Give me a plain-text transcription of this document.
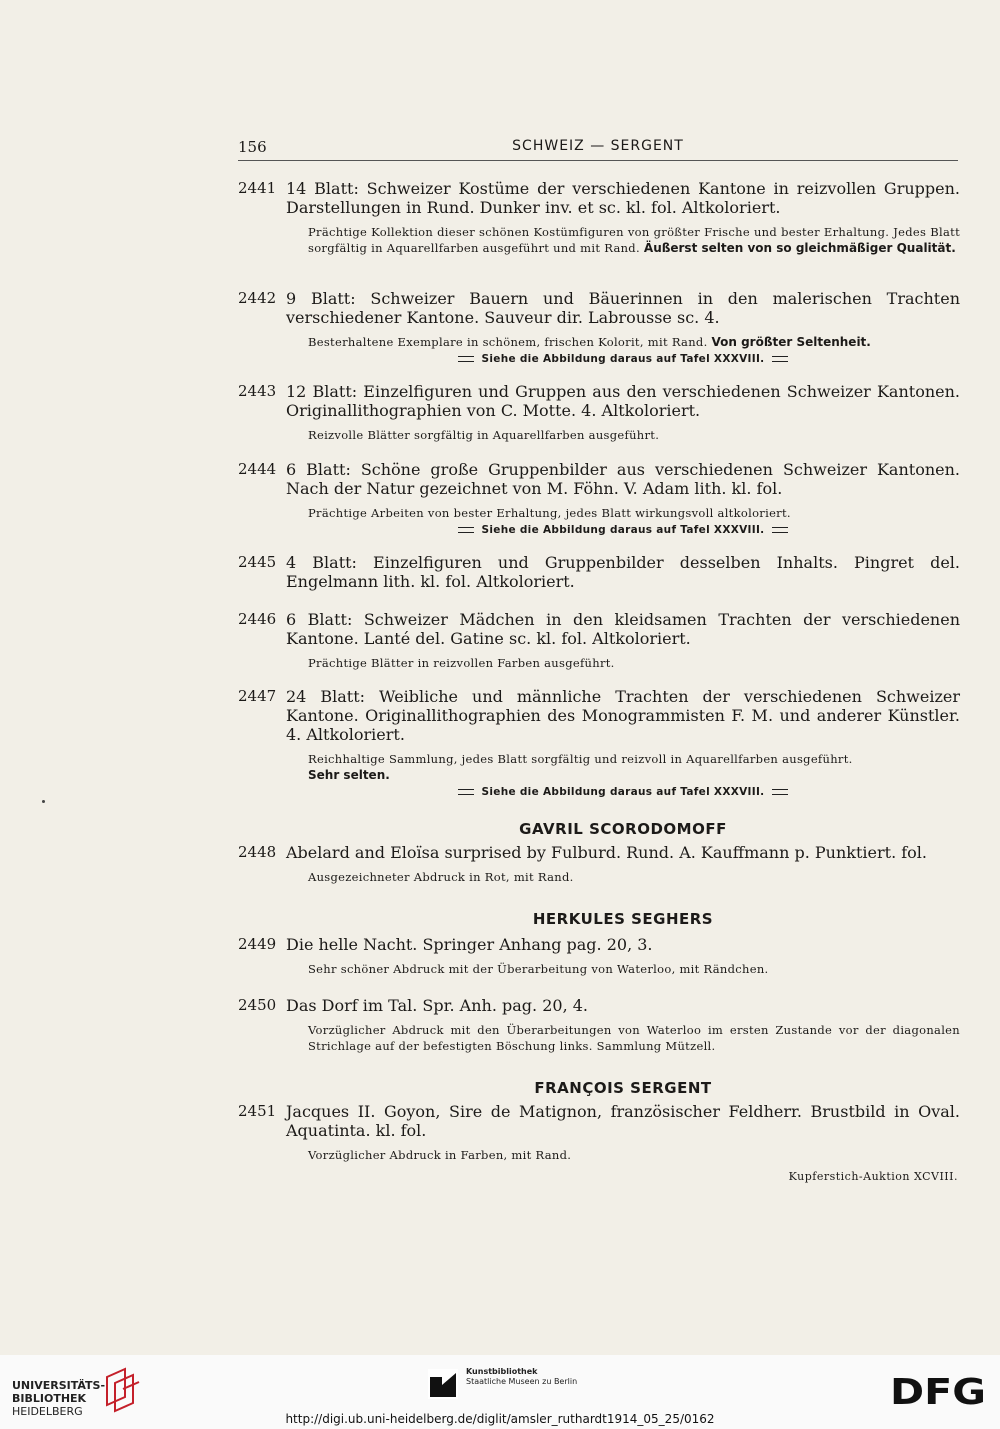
156	SCHWEIZ — SERGENT
2441 14 Blatt: Schweizer Kostüme der verschiedenen Kantone in reizvollen Gruppen. Darstellungen in Rund. Dunker inv. et sc. kl. fol. Altkoloriert.
Prächtige Kollektion dieser schönen Kostümfiguren von größter Frische und bester Erhaltung. Jedes Blatt sorgfältig in Aquarellfarben ausgeführt und mit Rand. Äußerst selten von so gleichmäßiger Qualität.
2442 9 Blatt: Schweizer Bauern und Bäuerinnen in den malerischen Trachten verschiedener Kantone. Sauveur dir. Labrousse sc. 4.
Besterhaltene Exemplare in schönem, frischen Kolorit, mit Rand. Von größter Seltenheit.
Siehe die Abbildung daraus auf Tafel XXXVIII.
2443 12 Blatt: Einzelfiguren und Gruppen aus den verschiedenen Schweizer Kantonen. Originallithographien von C. Motte. 4. Altkoloriert.
Reizvolle Blätter sorgfältig in Aquarellfarben ausgeführt.
2444 6 Blatt: Schöne große Gruppenbilder aus verschiedenen Schweizer Kantonen. Nach der Natur gezeichnet von M. Föhn. V. Adam lith. kl. fol.
Prächtige Arbeiten von bester Erhaltung, jedes Blatt wirkungsvoll altkoloriert.
Siehe die Abbildung daraus auf Tafel XXXVIII.
2445 4 Blatt: Einzelfiguren und Gruppenbilder desselben Inhalts. Pingret del. Engelmann lith. kl. fol. Altkoloriert.
2446 6 Blatt: Schweizer Mädchen in den kleidsamen Trachten der verschiedenen Kantone. Lanté del. Gatine sc. kl. fol. Altkoloriert.
Prächtige Blätter in reizvollen Farben ausgeführt.
2447 24 Blatt: Weibliche und männliche Trachten der verschiedenen Schweizer Kantone. Originallithographien des Monogrammisten F. M. und anderer Künstler. 4. Altkoloriert.
Reichhaltige Sammlung, jedes Blatt sorgfältig und reizvoll in Aquarellfarben ausgeführt.
Sehr selten.
Siehe die Abbildung daraus auf Tafel XXXVIII.
GAVRIL SCORODOMOFF
2448 Abelard and Eloïsa surprised by Fulburd. Rund. A. Kauffmann p. Punktiert. fol.
Ausgezeichneter Abdruck in Rot, mit Rand.
HERKULES SEGHERS
2449 Die helle Nacht. Springer Anhang pag. 20, 3.
Sehr schöner Abdruck mit der Überarbeitung von Waterloo, mit Rändchen.
2450 Das Dorf im Tal. Spr. Anh. pag. 20, 4.
Vorzüglicher Abdruck mit den Überarbeitungen von Waterloo im ersten Zustande vor der diagonalen Strichlage auf der befestigten Böschung links. Sammlung Mützell.
FRANÇOIS SERGENT
2451 Jacques II. Goyon, Sire de Matignon, französischer Feldherr. Brustbild in Oval. Aquatinta. kl. fol.
Vorzüglicher Abdruck in Farben, mit Rand.
Kupferstich-Auktion XCVIII.
UNIVERSITÄTS-
BIBLIOTHEK
HEIDELBERG
Kunstbibliothek
Staatliche Museen zu Berlin	DFG
http://digi.ub.uni-heidelberg.de/diglit/amsler_ruthardt1914_05_25/0162
